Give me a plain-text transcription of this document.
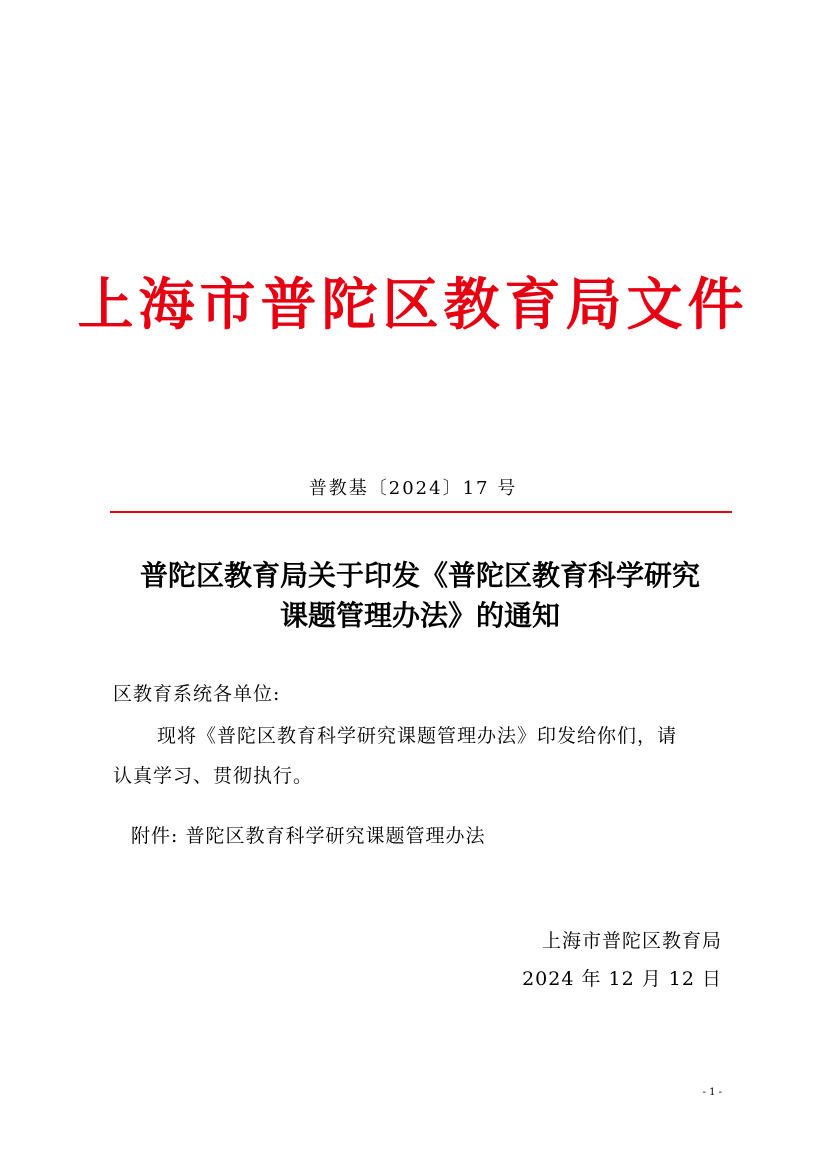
上海市普陀区教育局文件
普教基〔2024〕17 号
普陀区教育局关于印发《普陀区教育科学研究
课题管理办法》的通知
区教育系统各单位:
现将《普陀区教育科学研究课题管理办法》印发给你们，请
认真学习、贯彻执行。
附件: 普陀区教育科学研究课题管理办法
上海市普陀区教育局
2024 年 12 月 12 日
- 1 -
